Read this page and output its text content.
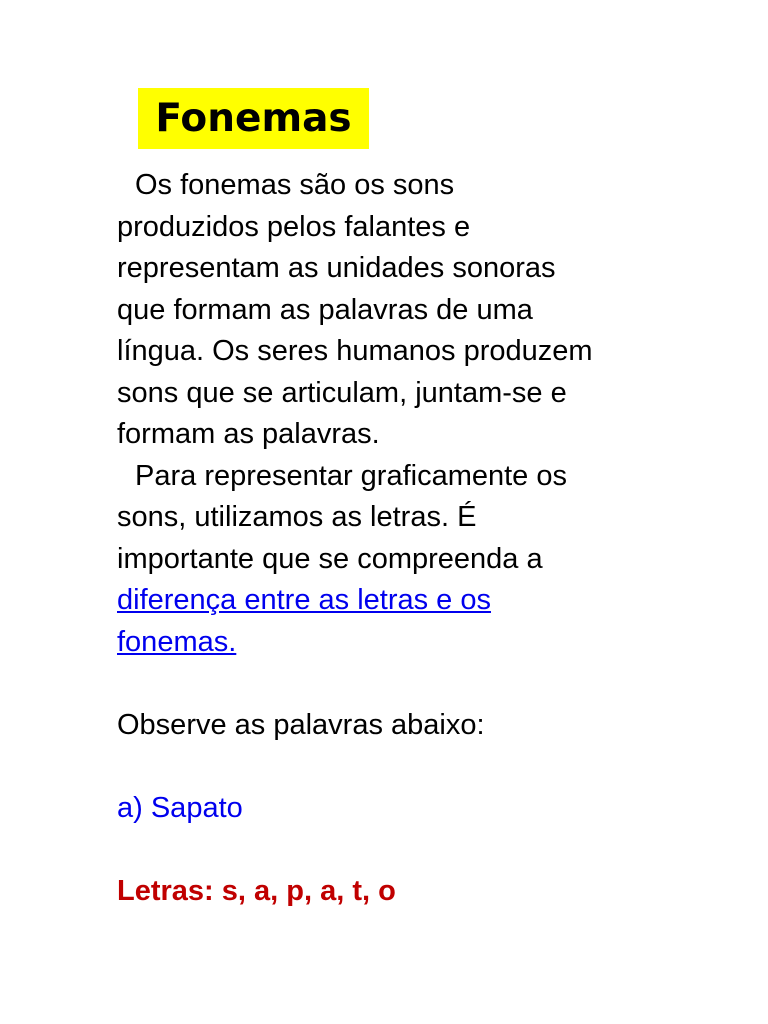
Fonemas

Os fonemas são os sons
produzidos pelos falantes e
representam as unidades sonoras
que formam as palavras de uma
língua. Os seres humanos produzem
sons que se articulam, juntam-se e
formam as palavras.

Para representar graficamente os
sons, utilizamos as letras. É
importante que se compreenda a
diferença entre as letras e os
fonemas.

Observe as palavras abaixo:
a) Sapato
Letras: s, a, p, a, t, o
